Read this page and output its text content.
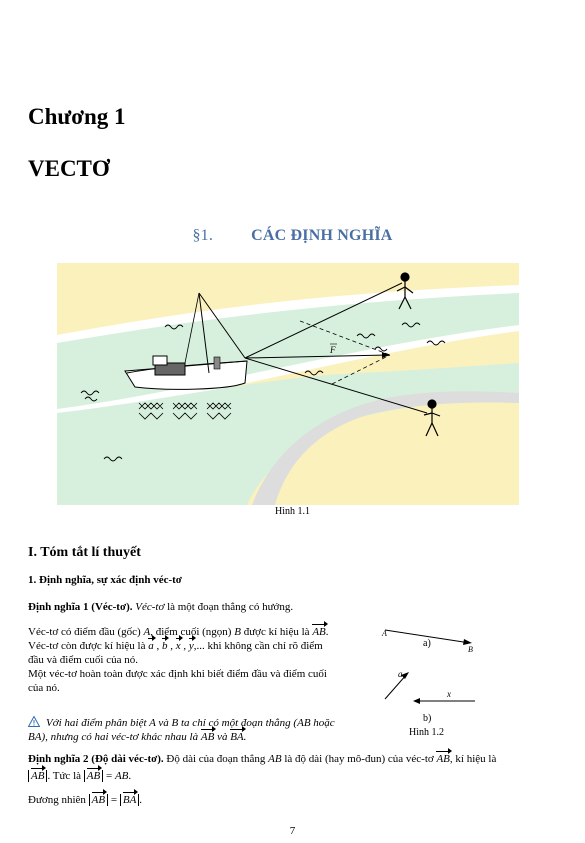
Chương 1
VECTƠ
§1. CÁC ĐỊNH NGHĨA
F
Hình 1.1
I. Tóm tắt lí thuyết
1. Định nghĩa, sự xác định véc-tơ
Định nghĩa 1 (Véc-tơ). Véc-tơ là một đoạn thẳng có hướng.
Véc-tơ có điểm đầu (gốc) A, điểm cuối (ngọn) B được kí hiệu là AB.
Véc-tơ còn được kí hiệu là a , b , x , y,... khi không cần chỉ rõ điểm
đầu và điểm cuối của nó.
Một véc-tơ hoàn toàn được xác định khi biết điểm đầu và điểm cuối
của nó.
Với hai điểm phân biệt A và B ta chỉ có một đoạn thẳng (AB hoặc
BA), nhưng có hai véc-tơ khác nhau là AB và BA.
A
B
a)
a
x
b)
Hình 1.2
Định nghĩa 2 (Độ dài véc-tơ). Độ dài của đoạn thẳng AB là độ dài (hay mô-đun) của véc-tơ AB, kí hiệu là
AB . Tức là AB = AB.
Đương nhiên AB = BA .
7
